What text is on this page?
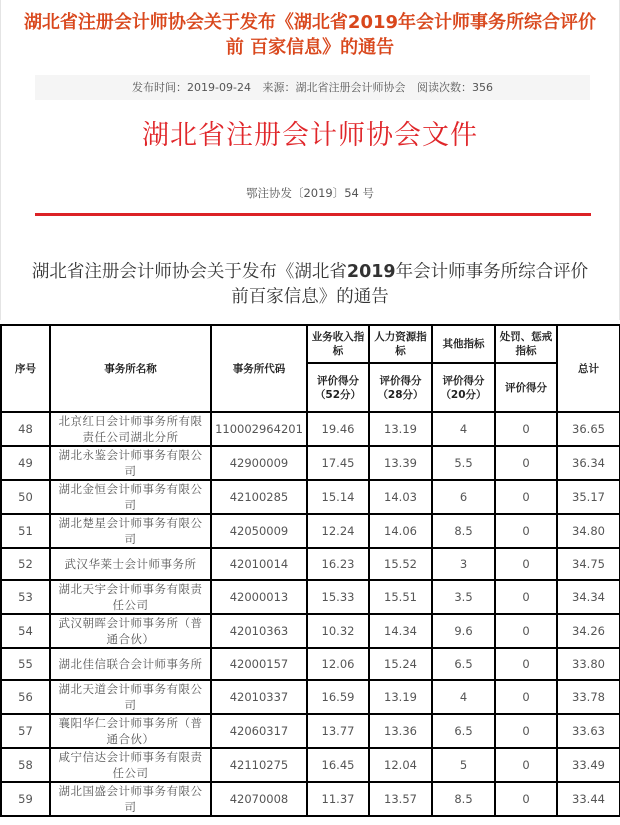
湖北省注册会计师协会关于发布《湖北省2019年会计师事务所综合评价前 百家信息》的通告
发布时间：2019-09-24 来源：湖北省注册会计师协会 阅读次数：356
湖北省注册会计师协会文件
鄂注协发〔2019〕54 号
湖北省注册会计师协会关于发布《湖北省2019年会计师事务所综合评价前百家信息》的通告
序号	事务所名称	事务所代码	业务收入指标	人力资源指标	其他指标	处罚、惩戒指标	总计
			评价得分（52分）	评价得分（28分）	评价得分（20分）	评价得分	
48	北京红日会计师事务所有限责任公司湖北分所	110002964201	19.46	13.19	4	0	36.65
49	湖北永鉴会计师事务有限公司	42900009	17.45	13.39	5.5	0	36.34
50	湖北金恒会计师事务有限公司	42100285	15.14	14.03	6	0	35.17
51	湖北楚星会计师事务有限公司	42050009	12.24	14.06	8.5	0	34.80
52	武汉华莱士会计师事务所	42010014	16.23	15.52	3	0	34.75
53	湖北天宇会计师事务有限责任公司	42000013	15.33	15.51	3.5	0	34.34
54	武汉朝晖会计师事务所（普通合伙）	42010363	10.32	14.34	9.6	0	34.26
55	湖北佳信联合会计师事务所	42000157	12.06	15.24	6.5	0	33.80
56	湖北天道会计师事务有限公司	42010337	16.59	13.19	4	0	33.78
57	襄阳华仁会计师事务所（普通合伙）	42060317	13.77	13.36	6.5	0	33.63
58	咸宁信达会计师事务有限责任公司	42110275	16.45	12.04	5	0	33.49
59	湖北国盛会计师事务有限公司	42070008	11.37	13.57	8.5	0	33.44
